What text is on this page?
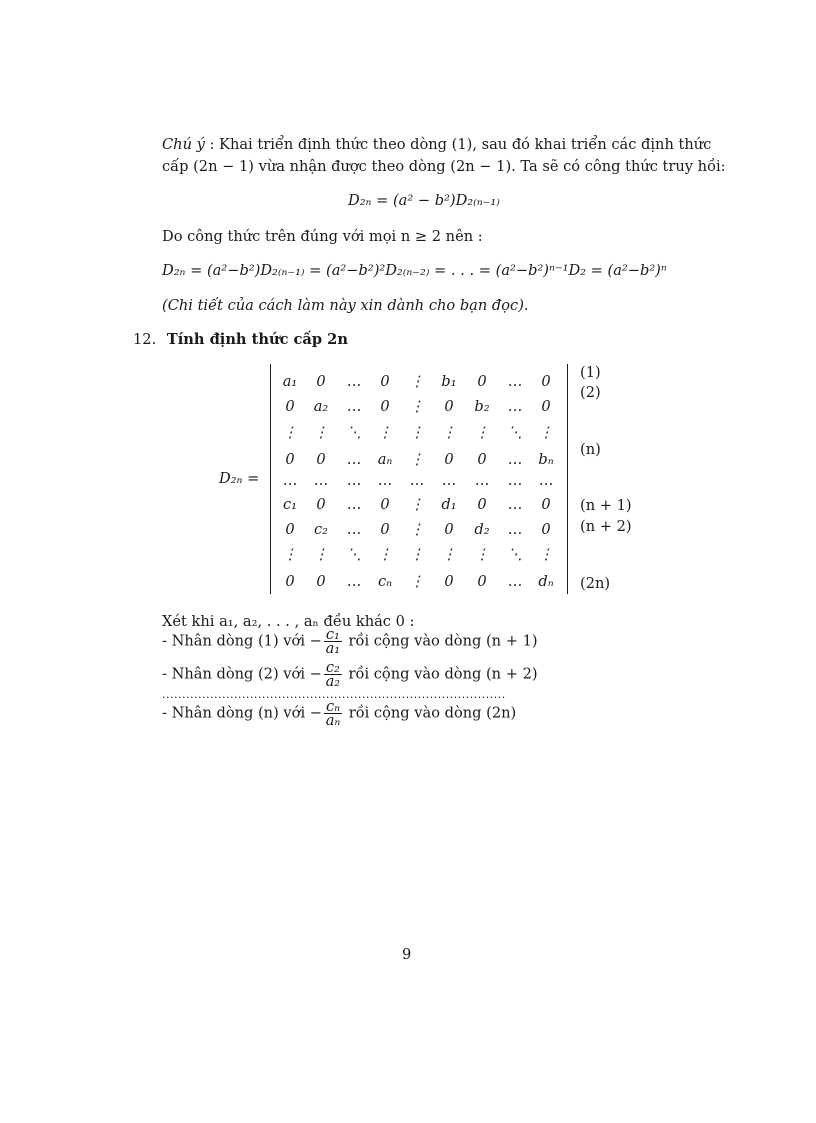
Chú ý : Khai triển định thức theo dòng (1), sau đó khai triển các định thức
cấp (2n − 1) vừa nhận được theo dòng (2n − 1). Ta sẽ có công thức truy hồi:
D₂ₙ = (a² − b²)D₂₍ₙ₋₁₎
Do công thức trên đúng với mọi n ≥ 2 nên :
D₂ₙ = (a²−b²)D₂₍ₙ₋₁₎ = (a²−b²)²D₂₍ₙ₋₂₎ = . . . = (a²−b²)ⁿ⁻¹D₂ = (a²−b²)ⁿ
(Chi tiết của cách làm này xin dành cho bạn đọc).
12. Tính định thức cấp 2n
D₂ₙ =
a₁	0	…	0	⋮	b₁	0	…	0
0	a₂	…	0	⋮	0	b₂	…	0
⋮	⋮	⋱	⋮	⋮	⋮	⋮	⋱	⋮
0	0	…	aₙ	⋮	0	0	…	bₙ
…	…	…	…	…	…	…	…	…
c₁	0	…	0	⋮	d₁	0	…	0
0	c₂	…	0	⋮	0	d₂	…	0
⋮	⋮	⋱	⋮	⋮	⋮	⋮	⋱	⋮
0	0	…	cₙ	⋮	0	0	…	dₙ
(1)
(2)
(n)
(n + 1)
(n + 2)
(2n)
Xét khi a₁, a₂, . . . , aₙ đều khác 0 :
- Nhân dòng (1) với − $\frac{\text{c₁}}{\text{a₁}}$ rồi cộng vào dòng (n + 1)
- Nhân dòng (2) với − $\frac{\text{c₂}}{\text{a₂}}$ rồi cộng vào dòng (n + 2)
......................................................................................
- Nhân dòng (n) với − $\frac{\text{cₙ}}{\text{aₙ}}$ rồi cộng vào dòng (2n)
9
